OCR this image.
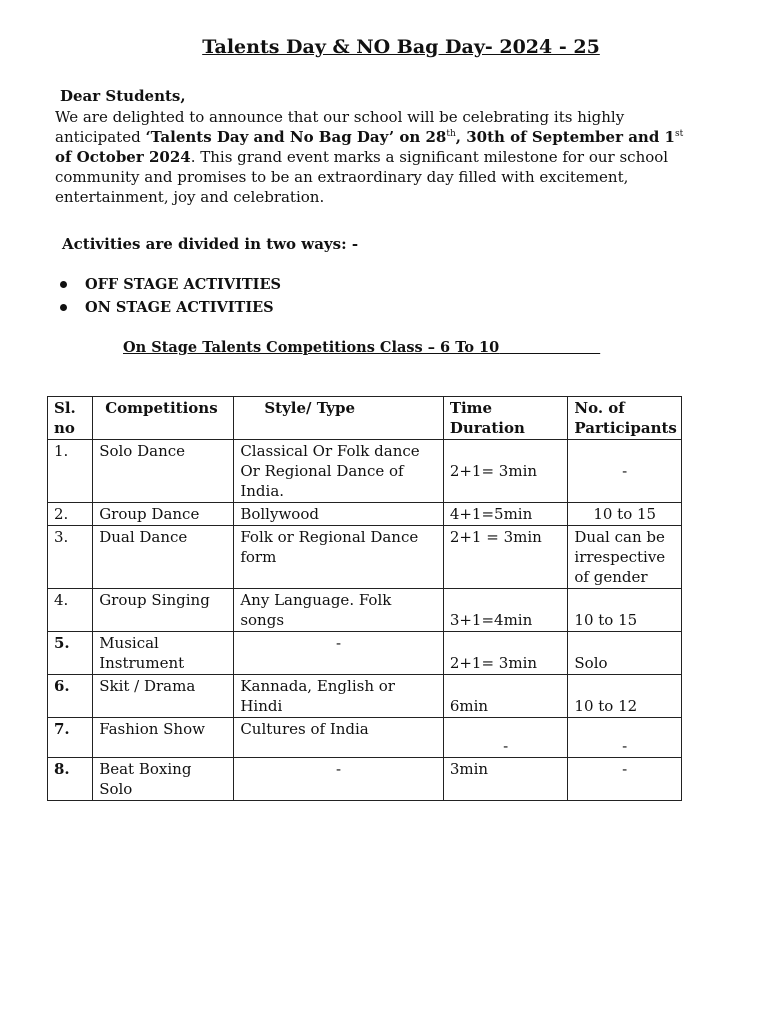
Talents Day & NO Bag Day- 2024 - 25
Dear Students,
We are delighted to announce that our school will be celebrating its highly anticipated ‘Talents Day and No Bag Day’ on 28th, 30th of September and 1st of October 2024. This grand event marks a significant milestone for our school community and promises to be an extraordinary day filled with excitement, entertainment, joy and celebration.
Activities are divided in two ways: -
OFF STAGE ACTIVITIES
ON STAGE ACTIVITIES
On Stage Talents Competitions Class – 6 To 10
Sl. no	Competitions	Style/ Type	Time Duration	No. of Participants
1.	Solo Dance	Classical Or Folk dance Or Regional Dance of India.	2+1= 3min	-
2.	Group Dance	Bollywood	4+1=5min	10 to 15
3.	Dual Dance	Folk or Regional Dance form	2+1 = 3min	Dual can be irrespective of gender
4.	Group Singing	Any Language. Folk songs	3+1=4min	10 to 15
5.	Musical Instrument	-	2+1= 3min	Solo
6.	Skit / Drama	Kannada, English or Hindi	6min	10 to 12
7.	Fashion Show	Cultures of India	-	-
8.	Beat Boxing Solo	-	3min	-
